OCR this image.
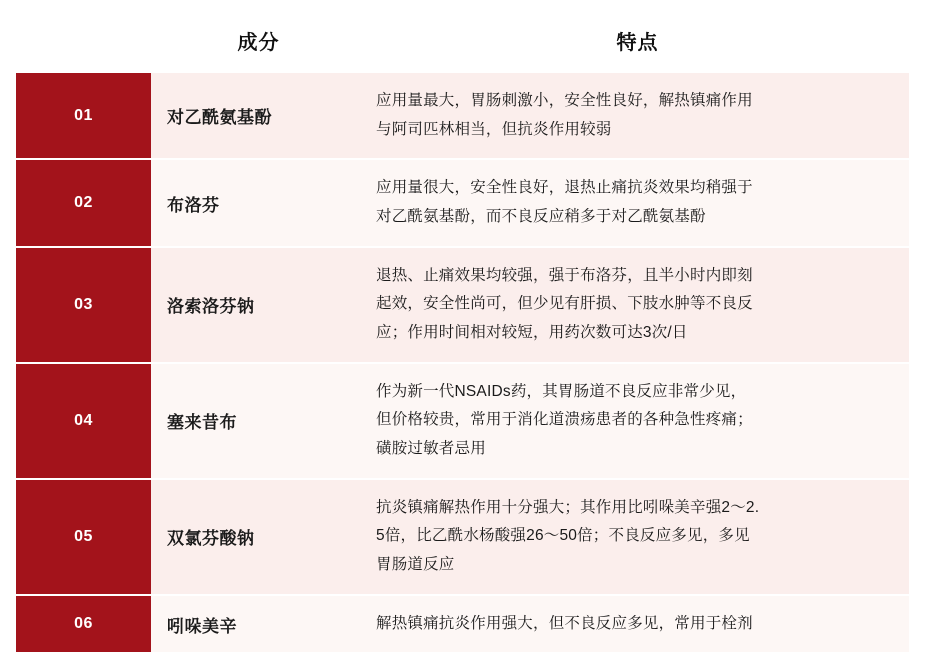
	成分	特点
01	对乙酰氨基酚	应用量最大，胃肠刺激小，安全性良好，解热镇痛作用
与阿司匹林相当，但抗炎作用较弱

02	布洛芬	应用量很大，安全性良好，退热止痛抗炎效果均稍强于
对乙酰氨基酚，而不良反应稍多于对乙酰氨基酚

03	洛索洛芬钠	退热、止痛效果均较强，强于布洛芬，且半小时内即刻
起效，安全性尚可，但少见有肝损、下肢水肿等不良反
应；作用时间相对较短，用药次数可达3次/日

04	塞来昔布	作为新一代NSAIDs药，其胃肠道不良反应非常少见，
但价格较贵，常用于消化道溃疡患者的各种急性疼痛；
磺胺过敏者忌用

05	双氯芬酸钠	抗炎镇痛解热作用十分强大；其作用比吲哚美辛强2～2.
5倍，比乙酰水杨酸强26～50倍；不良反应多见，多见
胃肠道反应

06	吲哚美辛	解热镇痛抗炎作用强大，但不良反应多见，常用于栓剂
